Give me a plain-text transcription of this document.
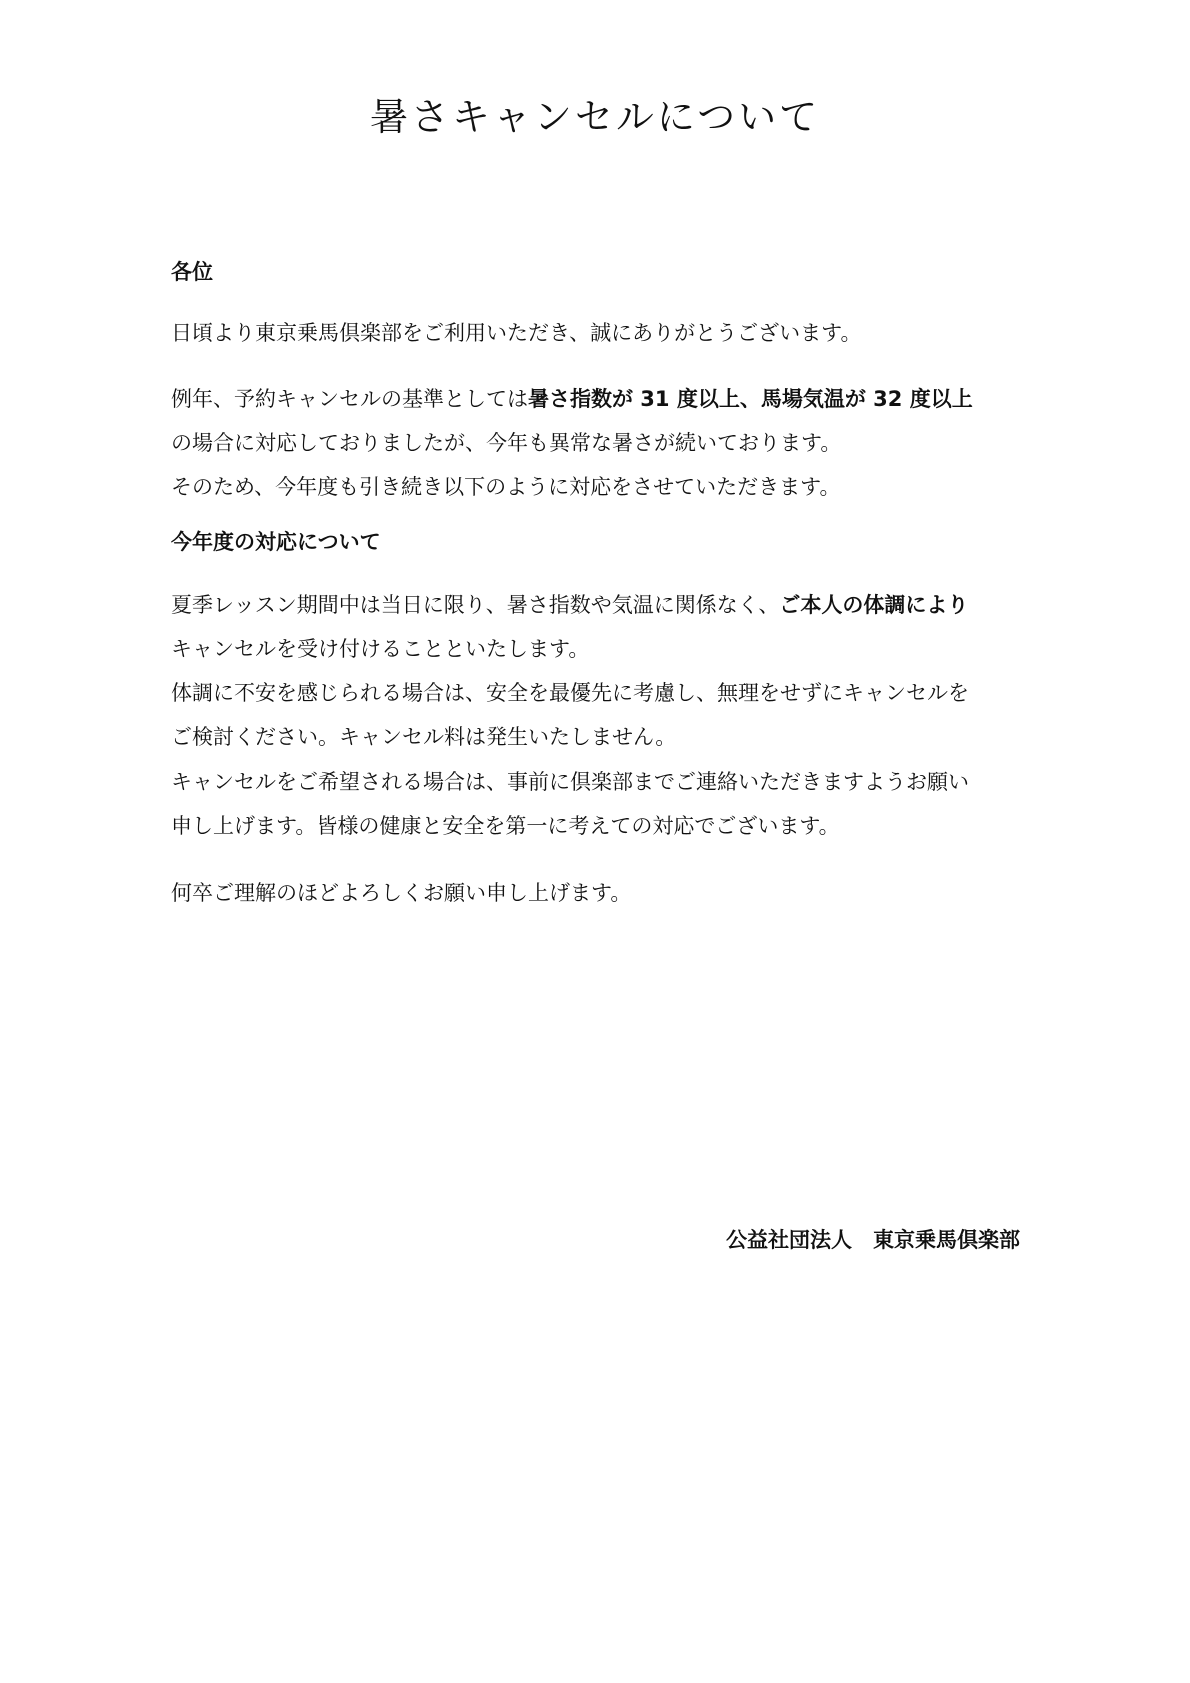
暑さキャンセルについて
各位
日頃より東京乗馬倶楽部をご利用いただき、誠にありがとうございます。
例年、予約キャンセルの基準としては暑さ指数が 31 度以上、馬場気温が 32 度以上
の場合に対応しておりましたが、今年も異常な暑さが続いております。
そのため、今年度も引き続き以下のように対応をさせていただきます。
今年度の対応について
夏季レッスン期間中は当日に限り、暑さ指数や気温に関係なく、ご本人の体調により
キャンセルを受け付けることといたします。
体調に不安を感じられる場合は、安全を最優先に考慮し、無理をせずにキャンセルを
ご検討ください。キャンセル料は発生いたしません。
キャンセルをご希望される場合は、事前に倶楽部までご連絡いただきますようお願い
申し上げます。皆様の健康と安全を第一に考えての対応でございます。
何卒ご理解のほどよろしくお願い申し上げます。
公益社団法人　東京乗馬倶楽部
